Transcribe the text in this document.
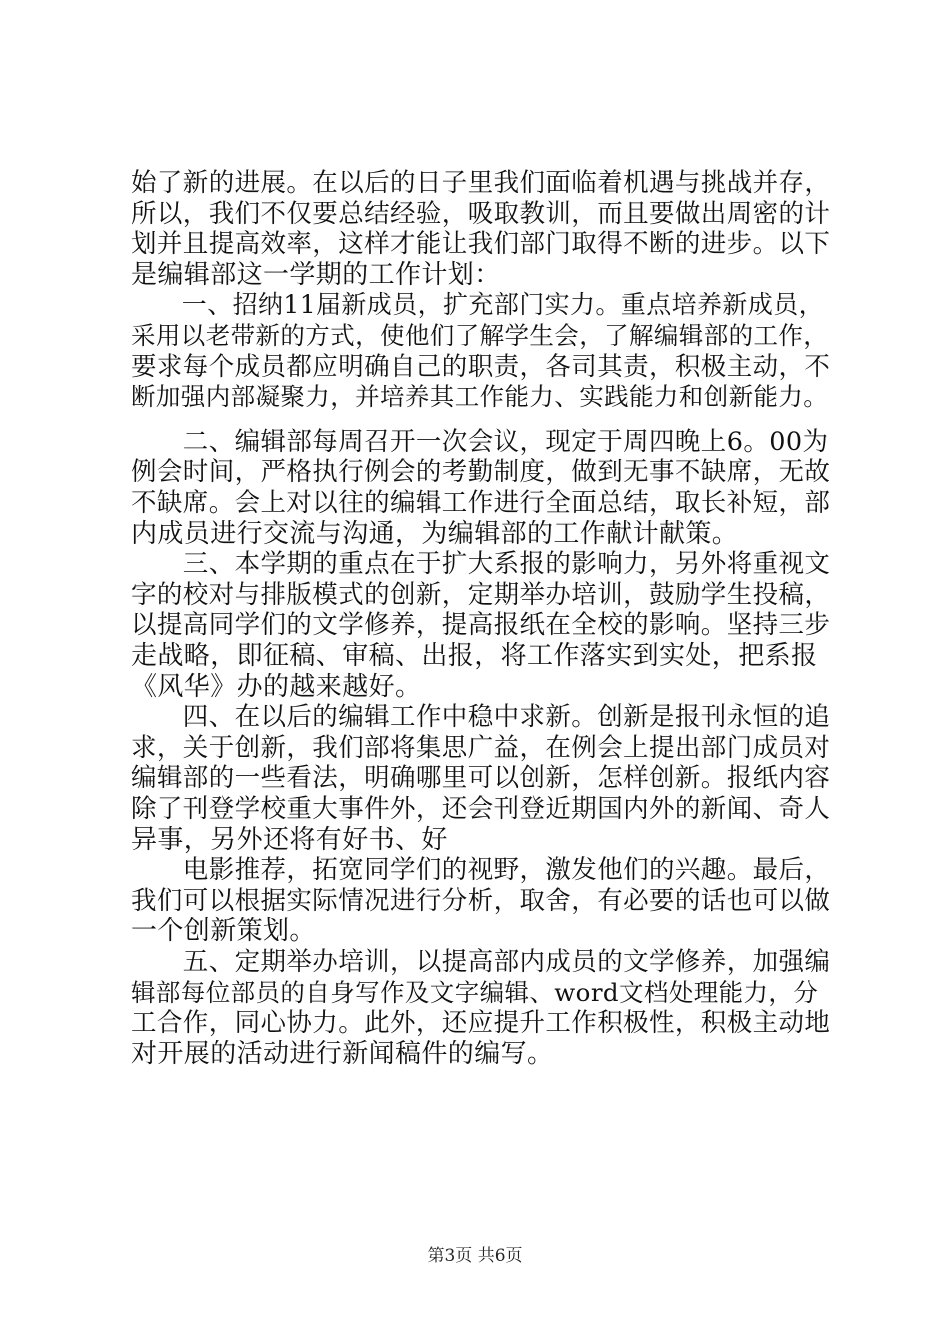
始了新的进展。在以后的日子里我们面临着机遇与挑战并存，
所以，我们不仅要总结经验，吸取教训，而且要做出周密的计
划并且提高效率，这样才能让我们部门取得不断的进步。以下
是编辑部这一学期的工作计划：
　　一、招纳11届新成员，扩充部门实力。重点培养新成员，
采用以老带新的方式，使他们了解学生会，了解编辑部的工作，
要求每个成员都应明确自己的职责，各司其责，积极主动，不
断加强内部凝聚力，并培养其工作能力、实践能力和创新能力。
　　二、编辑部每周召开一次会议，现定于周四晚上6。00为
例会时间，严格执行例会的考勤制度，做到无事不缺席，无故
不缺席。会上对以往的编辑工作进行全面总结，取长补短，部
内成员进行交流与沟通，为编辑部的工作献计献策。
　　三、本学期的重点在于扩大系报的影响力，另外将重视文
字的校对与排版模式的创新，定期举办培训，鼓励学生投稿，
以提高同学们的文学修养，提高报纸在全校的影响。坚持三步
走战略，即征稿、审稿、出报，将工作落实到实处，把系报
《风华》办的越来越好。
　　四、在以后的编辑工作中稳中求新。创新是报刊永恒的追
求，关于创新，我们部将集思广益，在例会上提出部门成员对
编辑部的一些看法，明确哪里可以创新，怎样创新。报纸内容
除了刊登学校重大事件外，还会刊登近期国内外的新闻、奇人
异事，另外还将有好书、好
　　电影推荐，拓宽同学们的视野，激发他们的兴趣。最后，
我们可以根据实际情况进行分析，取舍，有必要的话也可以做
一个创新策划。
　　五、定期举办培训，以提高部内成员的文学修养，加强编
辑部每位部员的自身写作及文字编辑、word文档处理能力，分
工合作，同心协力。此外，还应提升工作积极性，积极主动地
对开展的活动进行新闻稿件的编写。
第3页 共6页
